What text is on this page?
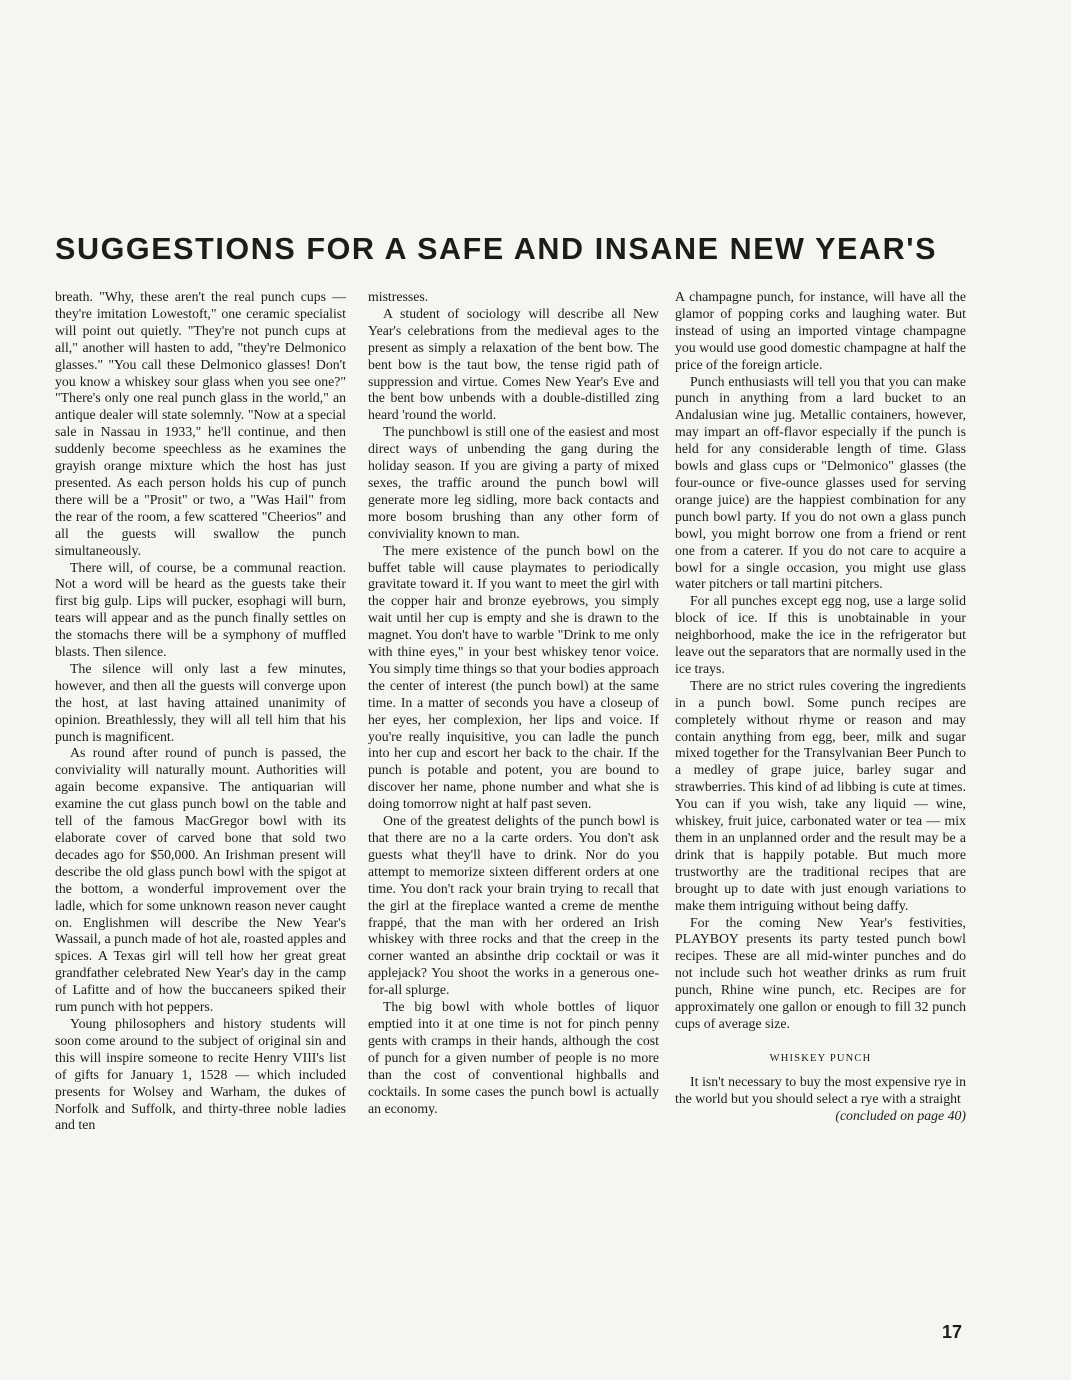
SUGGESTIONS FOR A SAFE AND INSANE NEW YEAR'S

breath. "Why, these aren't the real punch cups — they're imitation Lowestoft," one ceramic specialist will point out quietly. "They're not punch cups at all," another will hasten to add, "they're Delmonico glasses." "You call these Delmonico glasses! Don't you know a whiskey sour glass when you see one?" "There's only one real punch glass in the world," an antique dealer will state solemnly. "Now at a special sale in Nassau in 1933," he'll continue, and then suddenly become speechless as he examines the grayish orange mixture which the host has just presented. As each person holds his cup of punch there will be a "Prosit" or two, a "Was Hail" from the rear of the room, a few scattered "Cheerios" and all the guests will swallow the punch simultaneously.

There will, of course, be a communal reaction. Not a word will be heard as the guests take their first big gulp. Lips will pucker, esophagi will burn, tears will appear and as the punch finally settles on the stomachs there will be a symphony of muffled blasts. Then silence.

The silence will only last a few minutes, however, and then all the guests will converge upon the host, at last having attained unanimity of opinion. Breathlessly, they will all tell him that his punch is magnificent.

As round after round of punch is passed, the conviviality will naturally mount. Authorities will again become expansive. The antiquarian will examine the cut glass punch bowl on the table and tell of the famous MacGregor bowl with its elaborate cover of carved bone that sold two decades ago for $50,000. An Irishman present will describe the old glass punch bowl with the spigot at the bottom, a wonderful improvement over the ladle, which for some unknown reason never caught on. Englishmen will describe the New Year's Wassail, a punch made of hot ale, roasted apples and spices. A Texas girl will tell how her great great grandfather celebrated New Year's day in the camp of Lafitte and of how the buccaneers spiked their rum punch with hot peppers.

Young philosophers and history students will soon come around to the subject of original sin and this will inspire someone to recite Henry VIII's list of gifts for January 1, 1528 — which included presents for Wolsey and Warham, the dukes of Norfolk and Suffolk, and thirty-three noble ladies and ten

mistresses.

A student of sociology will describe all New Year's celebrations from the medieval ages to the present as simply a relaxation of the bent bow. The bent bow is the taut bow, the tense rigid path of suppression and virtue. Comes New Year's Eve and the bent bow unbends with a double-distilled zing heard 'round the world.

The punchbowl is still one of the easiest and most direct ways of unbending the gang during the holiday season. If you are giving a party of mixed sexes, the traffic around the punch bowl will generate more leg sidling, more back contacts and more bosom brushing than any other form of conviviality known to man.

The mere existence of the punch bowl on the buffet table will cause playmates to periodically gravitate toward it. If you want to meet the girl with the copper hair and bronze eyebrows, you simply wait until her cup is empty and she is drawn to the magnet. You don't have to warble "Drink to me only with thine eyes," in your best whiskey tenor voice. You simply time things so that your bodies approach the center of interest (the punch bowl) at the same time. In a matter of seconds you have a closeup of her eyes, her complexion, her lips and voice. If you're really inquisitive, you can ladle the punch into her cup and escort her back to the chair. If the punch is potable and potent, you are bound to discover her name, phone number and what she is doing tomorrow night at half past seven.

One of the greatest delights of the punch bowl is that there are no a la carte orders. You don't ask guests what they'll have to drink. Nor do you attempt to memorize sixteen different orders at one time. You don't rack your brain trying to recall that the girl at the fireplace wanted a creme de menthe frappé, that the man with her ordered an Irish whiskey with three rocks and that the creep in the corner wanted an absinthe drip cocktail or was it applejack? You shoot the works in a generous one-for-all splurge.

The big bowl with whole bottles of liquor emptied into it at one time is not for pinch penny gents with cramps in their hands, although the cost of punch for a given number of people is no more than the cost of conventional highballs and cocktails. In some cases the punch bowl is actually an economy.

A champagne punch, for instance, will have all the glamor of popping corks and laughing water. But instead of using an imported vintage champagne you would use good domestic champagne at half the price of the foreign article.

Punch enthusiasts will tell you that you can make punch in anything from a lard bucket to an Andalusian wine jug. Metallic containers, however, may impart an off-flavor especially if the punch is held for any considerable length of time. Glass bowls and glass cups or "Delmonico" glasses (the four-ounce or five-ounce glasses used for serving orange juice) are the happiest combination for any punch bowl party. If you do not own a glass punch bowl, you might borrow one from a friend or rent one from a caterer. If you do not care to acquire a bowl for a single occasion, you might use glass water pitchers or tall martini pitchers.

For all punches except egg nog, use a large solid block of ice. If this is unobtainable in your neighborhood, make the ice in the refrigerator but leave out the separators that are normally used in the ice trays.

There are no strict rules covering the ingredients in a punch bowl. Some punch recipes are completely without rhyme or reason and may contain anything from egg, beer, milk and sugar mixed together for the Transylvanian Beer Punch to a medley of grape juice, barley sugar and strawberries. This kind of ad libbing is cute at times. You can if you wish, take any liquid — wine, whiskey, fruit juice, carbonated water or tea — mix them in an unplanned order and the result may be a drink that is happily potable. But much more trustworthy are the traditional recipes that are brought up to date with just enough variations to make them intriguing without being daffy.

For the coming New Year's festivities, PLAYBOY presents its party tested punch bowl recipes. These are all mid-winter punches and do not include such hot weather drinks as rum fruit punch, Rhine wine punch, etc. Recipes are for approximately one gallon or enough to fill 32 punch cups of average size.

WHISKEY PUNCH

It isn't necessary to buy the most expensive rye in the world but you should select a rye with a straight

(concluded on page 40)

17
